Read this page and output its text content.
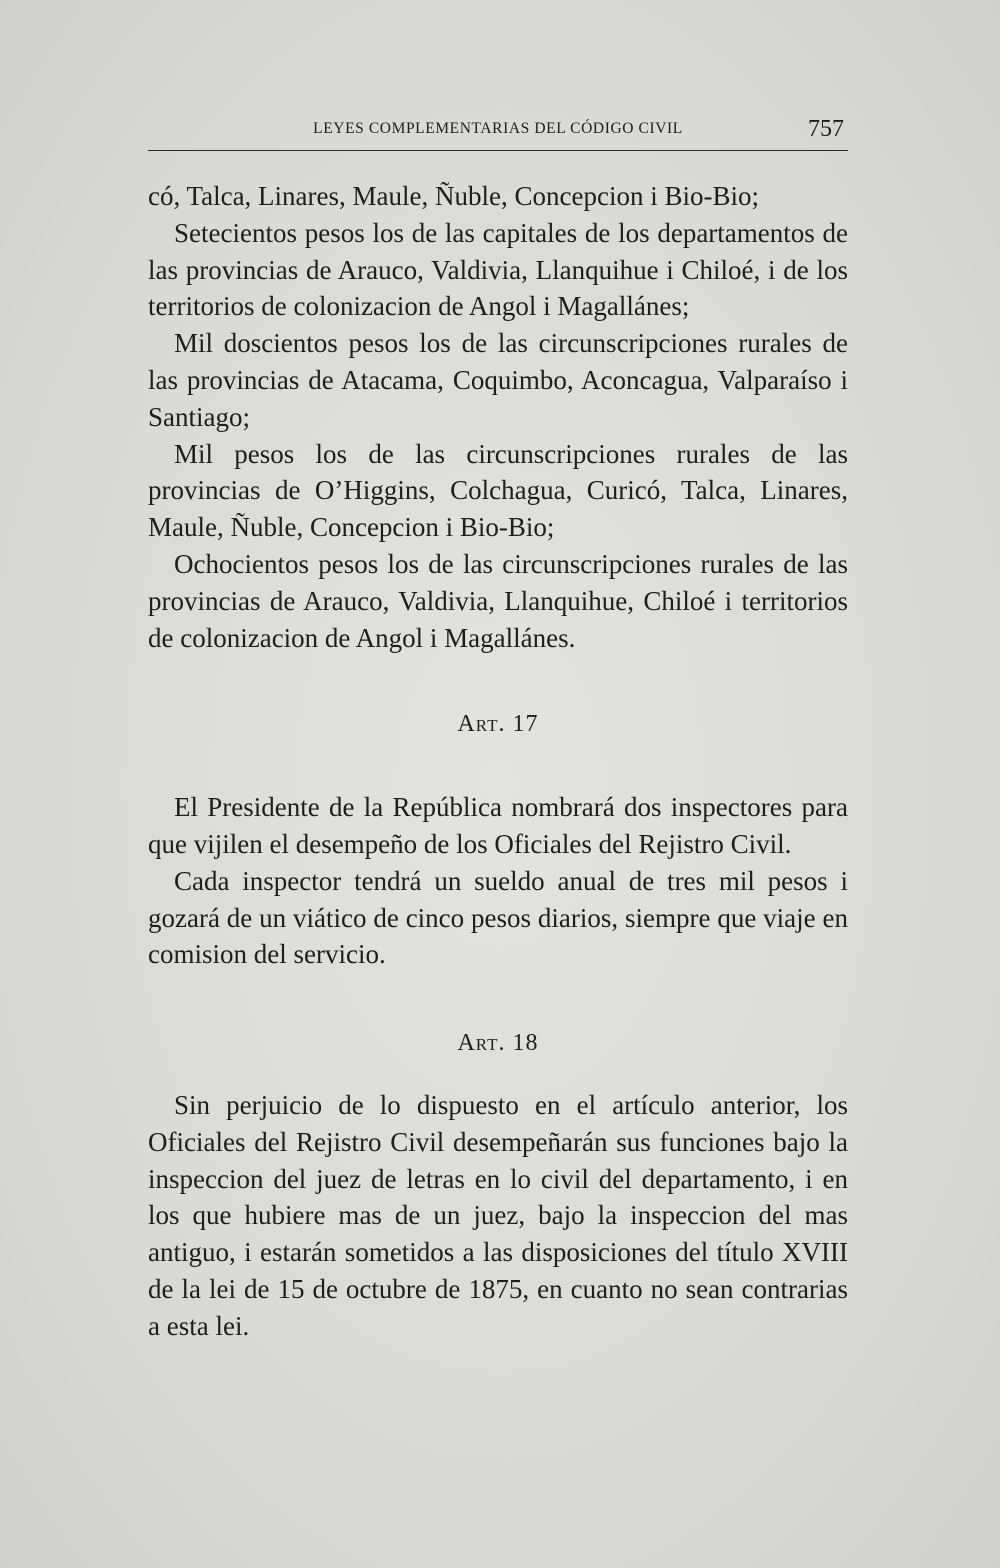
LEYES COMPLEMENTARIAS DEL CÓDIGO CIVIL	757

có, Talca, Linares, Maule, Ñuble, Concepcion i Bio-Bio;

Setecientos pesos los de las capitales de los departamentos de las provincias de Arauco, Valdivia, Llanquihue i Chiloé, i de los territorios de colonizacion de Angol i Magallánes;

Mil doscientos pesos los de las circunscripciones rurales de las provincias de Atacama, Coquimbo, Aconcagua, Valparaíso i Santiago;

Mil pesos los de las circunscripciones rurales de las provincias de O’Higgins, Colchagua, Curicó, Talca, Linares, Maule, Ñuble, Concepcion i Bio-Bio;

Ochocientos pesos los de las circunscripciones rurales de las provincias de Arauco, Valdivia, Llanquihue, Chiloé i territorios de colonizacion de Angol i Magallánes.

Art. 17

El Presidente de la República nombrará dos inspectores para que vijilen el desempeño de los Oficiales del Rejistro Civil.

Cada inspector tendrá un sueldo anual de tres mil pesos i gozará de un viático de cinco pesos diarios, siempre que viaje en comision del servicio.

Art. 18

Sin perjuicio de lo dispuesto en el artículo anterior, los Oficiales del Rejistro Civil desempeñarán sus funciones bajo la inspeccion del juez de letras en lo civil del departamento, i en los que hubiere mas de un juez, bajo la inspeccion del mas antiguo, i estarán sometidos a las disposiciones del título XVIII de la lei de 15 de octubre de 1875, en cuanto no sean contrarias a esta lei.
